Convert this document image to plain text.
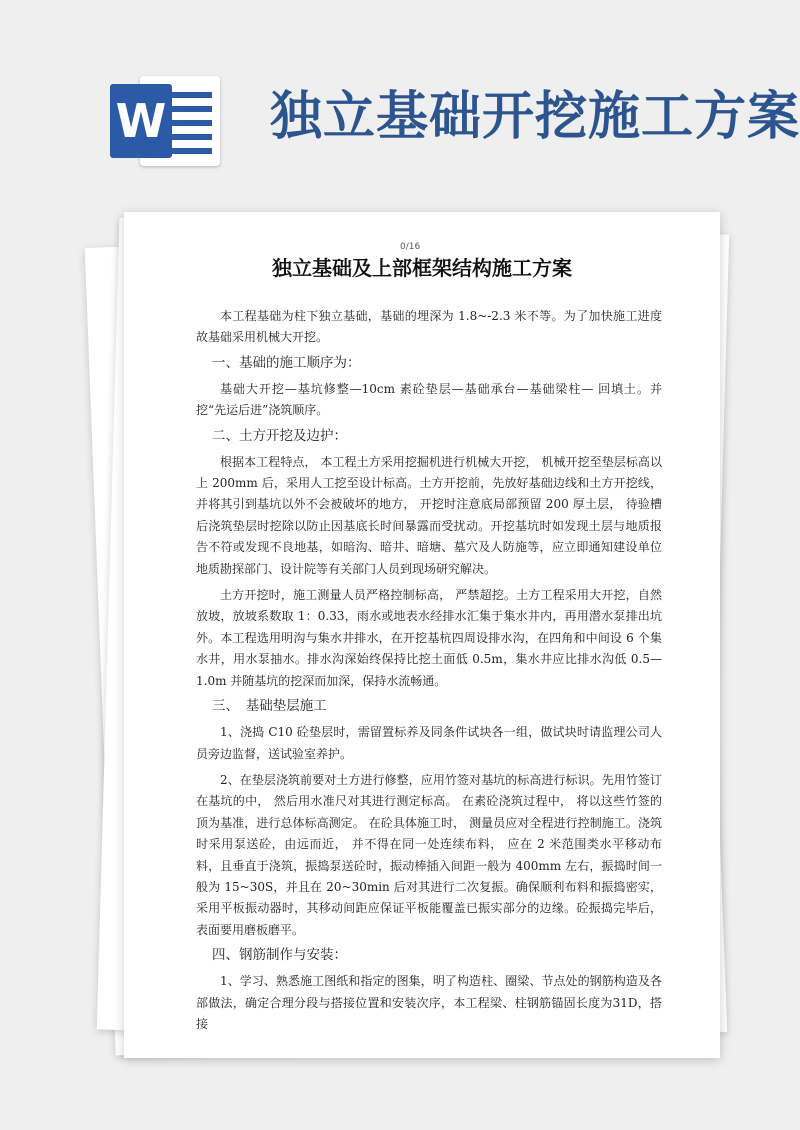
W 独立基础开挖施工方案
0/16
独立基础及上部框架结构施工方案

本工程基础为柱下独立基础，基础的埋深为 1.8~-2.3 米不等。为了加快施工进度故基础采用机械大开挖。

一、基础的施工顺序为：

基础大开挖—基坑修整—10cm 素砼垫层—基础承台—基础梁柱— 回填土。并挖“先运后进”浇筑顺序。

二、土方开挖及边护：

根据本工程特点， 本工程土方采用挖掘机进行机械大开挖， 机械开挖至垫层标高以上 200mm 后，采用人工挖至设计标高。土方开挖前，先放好基础边线和土方开挖线，并将其引到基坑以外不会被破坏的地方， 开挖时注意底局部预留 200 厚土层， 待验槽后浇筑垫层时挖除以防止因基底长时间暴露而受扰动。开挖基坑时如发现土层与地质报告不符或发现不良地基，如暗沟、暗井、暗塘、墓穴及人防施等，应立即通知建设单位地质勘探部门、设计院等有关部门人员到现场研究解决。

土方开挖时，施工测量人员严格控制标高， 严禁超挖。土方工程采用大开挖，自然放坡，放坡系数取 1：0.33，雨水或地表水经排水汇集于集水井内，再用潜水泵排出坑外。本工程选用明沟与集水井排水，在开挖基杭四周设排水沟，在四角和中间设 6 个集水井，用水泵抽水。排水沟深始终保持比挖土面低 0.5m，集水井应比排水沟低 0.5— 1.0m 并随基坑的挖深而加深，保持水流畅通。

三、　基础垫层施工

1、浇捣 C10 砼垫层时，需留置标养及同条件试块各一组，做试块时请监理公司人员旁边监督，送试验室养护。

2、在垫层浇筑前要对土方进行修整，应用竹签对基坑的标高进行标识。先用竹签订在基坑的中， 然后用水准尺对其进行测定标高。 在素砼浇筑过程中， 将以这些竹签的顶为基准，进行总体标高测定。 在砼具体施工时， 测量员应对全程进行控制施工。浇筑时采用泵送砼，由远而近， 并不得在同一处连续布料， 应在 2 米范围类水平移动布料，且垂直于浇筑，振捣泵送砼时，振动棒插入间距一般为 400mm 左右，振捣时间一般为 15~30S，并且在 20~30min 后对其进行二次复振。确保顺利布料和振捣密实，采用平板振动器时，其移动间距应保证平板能覆盖已振实部分的边缘。砼振捣完毕后，表面要用磨板磨平。

四、钢筋制作与安装：

1、学习、熟悉施工图纸和指定的图集，明了构造柱、圈梁、节点处的钢筋构造及各部做法，确定合理分段与搭接位置和安装次序，本工程梁、柱钢筋锚固长度为31D，搭接
